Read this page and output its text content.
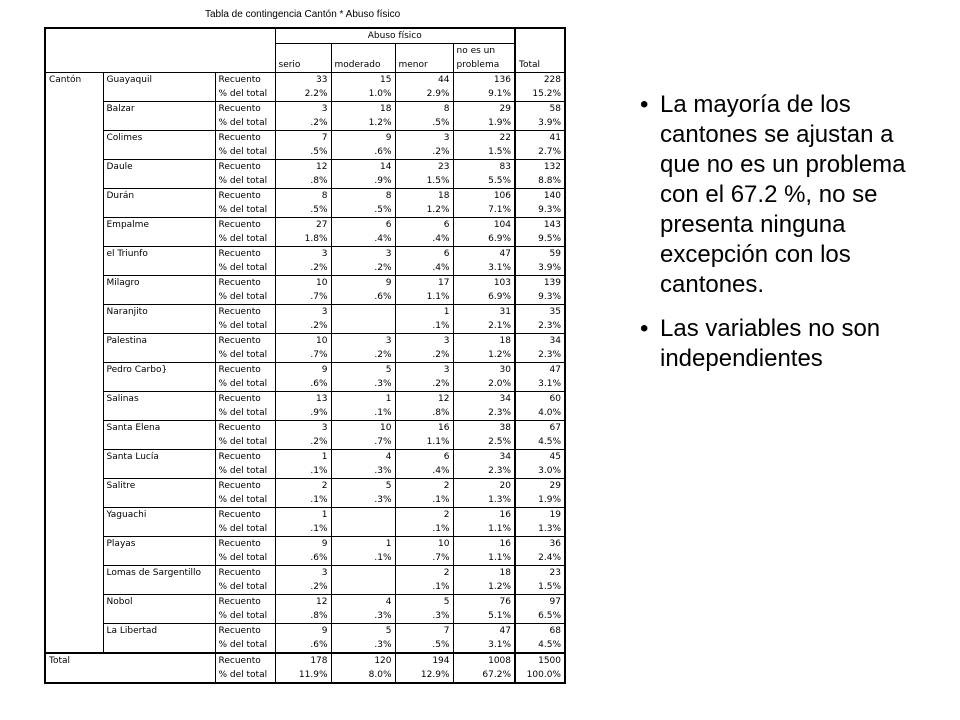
Tabla de contingencia Cantón * Abuso físico
			Abuso físico				
						no es un	
			serio	moderado	menor	problema	Total
Cantón	Guayaquil	Recuento	33	15	44	136	228
		% del total	2.2%	1.0%	2.9%	9.1%	15.2%
	Balzar	Recuento	3	18	8	29	58
		% del total	.2%	1.2%	.5%	1.9%	3.9%
	Colimes	Recuento	7	9	3	22	41
		% del total	.5%	.6%	.2%	1.5%	2.7%
	Daule	Recuento	12	14	23	83	132
		% del total	.8%	.9%	1.5%	5.5%	8.8%
	Durán	Recuento	8	8	18	106	140
		% del total	.5%	.5%	1.2%	7.1%	9.3%
	Empalme	Recuento	27	6	6	104	143
		% del total	1.8%	.4%	.4%	6.9%	9.5%
	el Triunfo	Recuento	3	3	6	47	59
		% del total	.2%	.2%	.4%	3.1%	3.9%
	Milagro	Recuento	10	9	17	103	139
		% del total	.7%	.6%	1.1%	6.9%	9.3%
	Naranjito	Recuento	3		1	31	35
		% del total	.2%		.1%	2.1%	2.3%
	Palestina	Recuento	10	3	3	18	34
		% del total	.7%	.2%	.2%	1.2%	2.3%
	Pedro Carbo}	Recuento	9	5	3	30	47
		% del total	.6%	.3%	.2%	2.0%	3.1%
	Salinas	Recuento	13	1	12	34	60
		% del total	.9%	.1%	.8%	2.3%	4.0%
	Santa Elena	Recuento	3	10	16	38	67
		% del total	.2%	.7%	1.1%	2.5%	4.5%
	Santa Lucía	Recuento	1	4	6	34	45
		% del total	.1%	.3%	.4%	2.3%	3.0%
	Salitre	Recuento	2	5	2	20	29
		% del total	.1%	.3%	.1%	1.3%	1.9%
	Yaguachi	Recuento	1		2	16	19
		% del total	.1%		.1%	1.1%	1.3%
	Playas	Recuento	9	1	10	16	36
		% del total	.6%	.1%	.7%	1.1%	2.4%
	Lomas de Sargentillo	Recuento	3		2	18	23
		% del total	.2%		.1%	1.2%	1.5%
	Nobol	Recuento	12	4	5	76	97
		% del total	.8%	.3%	.3%	5.1%	6.5%
	La Libertad	Recuento	9	5	7	47	68
		% del total	.6%	.3%	.5%	3.1%	4.5%
Total		Recuento	178	120	194	1008	1500
		% del total	11.9%	8.0%	12.9%	67.2%	100.0%
• La mayoría de los cantones se ajustan a que no es un problema con el 67.2 %, no se presenta ninguna excepción con los cantones.
• Las variables no son independientes
